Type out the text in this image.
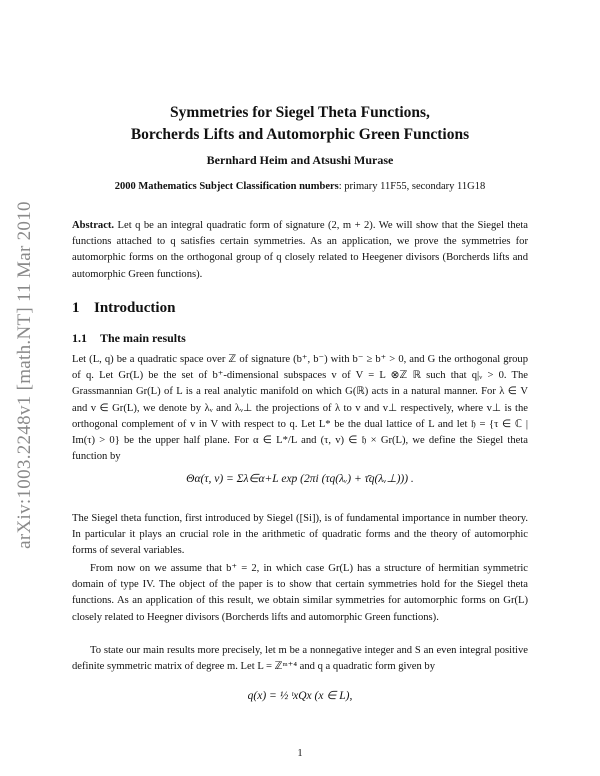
arXiv:1003.2248v1 [math.NT] 11 Mar 2010
Symmetries for Siegel Theta Functions,
Borcherds Lifts and Automorphic Green Functions
Bernhard Heim and Atsushi Murase
2000 Mathematics Subject Classification numbers: primary 11F55, secondary 11G18

Abstract. Let q be an integral quadratic form of signature (2, m + 2). We will show that the Siegel theta functions attached to q satisfies certain symmetries. As an application, we prove the symmetries for automorphic forms on the orthogonal group of q closely related to Heegener divisors (Borcherds lifts and automorphic Green functions).

1 Introduction
1.1 The main results

Let (L, q) be a quadratic space over ℤ of signature (b⁺, b⁻) with b⁻ ≥ b⁺ > 0, and G the orthogonal group of q. Let Gr(L) be the set of b⁺-dimensional subspaces v of V = L ⊗ℤ ℝ such that q|ᵥ > 0. The Grassmannian Gr(L) of L is a real analytic manifold on which G(ℝ) acts in a natural manner. For λ ∈ V and v ∈ Gr(L), we denote by λᵥ and λᵥ⊥ the projections of λ to v and v⊥ respectively, where v⊥ is the orthogonal complement of v in V with respect to q. Let L* be the dual lattice of L and let 𝔥 = {τ ∈ ℂ | Im(τ) > 0} be the upper half plane. For α ∈ L*/L and (τ, v) ∈ 𝔥 × Gr(L), we define the Siegel theta function by

Θα(τ, v) = Σλ∈α+L exp (2πi (τq(λᵥ) + τ̄q(λᵥ⊥))) .

The Siegel theta function, first introduced by Siegel ([Si]), is of fundamental importance in number theory. In particular it plays an crucial role in the arithmetic of quadratic forms and the theory of automorphic forms of several variables.

From now on we assume that b⁺ = 2, in which case Gr(L) has a structure of hermitian symmetric domain of type IV. The object of the paper is to show that certain symmetries hold for the Siegel theta functions. As an application of this result, we obtain similar symmetries for automorphic forms on Gr(L) closely related to Heegner divisors (Borcherds lifts and automorphic Green functions).

To state our main results more precisely, let m be a nonnegative integer and S an even integral positive definite symmetric matrix of degree m. Let L = ℤᵐ⁺⁴ and q a quadratic form given by

q(x) = ½ ᵗxQx (x ∈ L),
1
